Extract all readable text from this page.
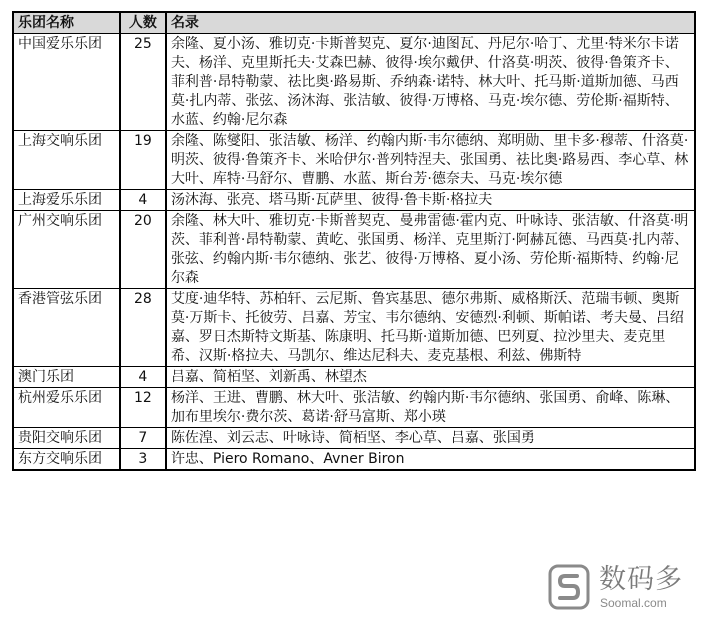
乐团名称	人数	名录
中国爱乐乐团	25	余隆、夏小汤、雅切克·卡斯普契克、夏尔·迪图瓦、丹尼尔·哈丁、尤里·特米尔卡诺夫、杨洋、克里斯托夫·艾森巴赫、彼得·埃尔戴伊、什洛莫·明茨、彼得·鲁策齐卡、菲利普·昂特勒蒙、祛比奥·路易斯、乔纳森·诺特、林大叶、托马斯·道斯加德、马西莫·扎内蒂、张弦、汤沐海、张洁敏、彼得·万博格、马克·埃尔德、劳伦斯·福斯特、水蓝、约翰·尼尔森
上海交响乐团	19	余隆、陈燮阳、张洁敏、杨洋、约翰内斯·韦尔德纳、郑明勋、里卡多·穆蒂、什洛莫·明茨、彼得·鲁策齐卡、米哈伊尔·普列特涅夫、张国勇、祛比奥·路易西、李心草、林大叶、库特·马舒尔、曹鹏、水蓝、斯台芳·德奈夫、马克·埃尔德
上海爱乐乐团	4	汤沐海、张亮、塔马斯·瓦萨里、彼得·鲁卡斯·格拉夫
广州交响乐团	20	余隆、林大叶、雅切克·卡斯普契克、曼弗雷德·霍内克、叶咏诗、张洁敏、什洛莫·明茨、菲利普·昂特勒蒙、黄屹、张国勇、杨洋、克里斯汀·阿赫瓦德、马西莫·扎内蒂、张弦、约翰内斯·韦尔德纳、张艺、彼得·万博格、夏小汤、劳伦斯·福斯特、约翰·尼尔森
香港管弦乐团	28	艾度·迪华特、苏柏轩、云尼斯、鲁宾基思、德尔弗斯、威格斯沃、范瑞韦顿、奥斯莫·万斯卡、托彼劳、吕嘉、芳宝、韦尔德纳、安德烈·利顿、斯帕诺、考夫曼、吕绍嘉、罗日杰斯特文斯基、陈康明、托马斯·道斯加德、巴列夏、拉沙里夫、麦克里希、汉斯·格拉夫、马凯尔、维达尼科夫、麦克基根、利兹、佛斯特
澳门乐团	4	吕嘉、简栢坚、刘新禹、林望杰
杭州爱乐乐团	12	杨洋、王进、曹鹏、林大叶、张洁敏、约翰内斯·韦尔德纳、张国勇、俞峰、陈琳、加布里埃尔·费尔茨、葛诺·舒马富斯、郑小瑛
贵阳交响乐团	7	陈佐湟、刘云志、叶咏诗、简栢坚、李心草、吕嘉、张国勇
东方交响乐团	3	许忠、Piero Romano、Avner Biron
数码多
Soomal.com
